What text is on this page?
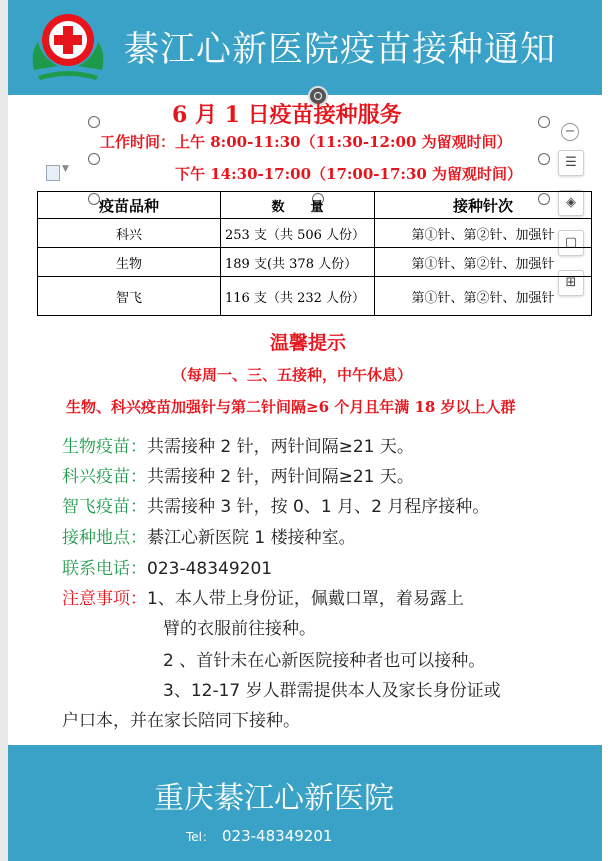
綦江心新医院疫苗接种通知
▼
6 月 1 日疫苗接种服务
工作时间：上午 8:00-11:30（11:30-12:00 为留观时间）
下午 14:30-17:00（17:00-17:30 为留观时间）
−
☰
◈
▢
⊞
疫苗品种	数　　量	接种针次
科兴	253 支（共 506 人份）	第①针、第②针、加强针
生物	189 支(共 378 人份）	第①针、第②针、加强针
智飞	116 支（共 232 人份）	第①针、第②针、加强针
温馨提示
（每周一、三、五接种，中午休息）
生物、科兴疫苗加强针与第二针间隔≥6 个月且年满 18 岁以上人群
生物疫苗：共需接种 2 针，两针间隔≥21 天。
科兴疫苗：共需接种 2 针，两针间隔≥21 天。
智飞疫苗：共需接种 3 针，按 0、1 月、2 月程序接种。
接种地点：綦江心新医院 1 楼接种室。
联系电话：023-48349201
注意事项：1、本人带上身份证，佩戴口罩，着易露上
臂的衣服前往接种。
2 、首针未在心新医院接种者也可以接种。
3、12-17 岁人群需提供本人及家长身份证或
户口本，并在家长陪同下接种。
重庆綦江心新医院
Tel： 023-48349201
